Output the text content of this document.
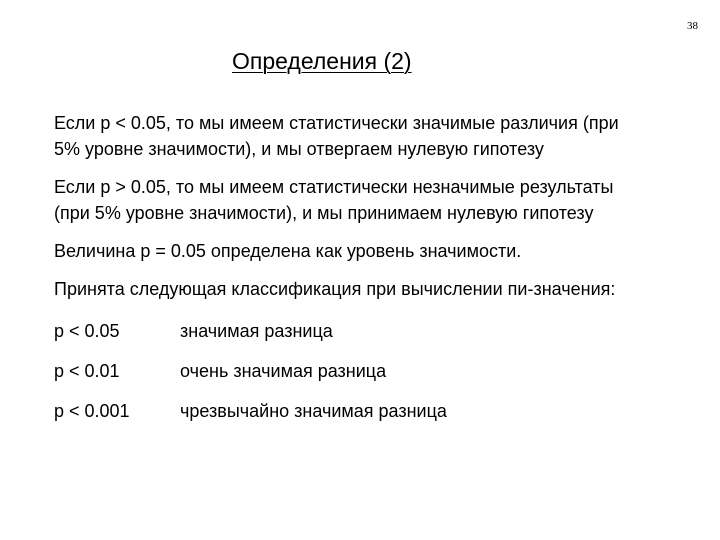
38
Определения (2)
Если p < 0.05, то мы имеем статистически значимые различия (при
5% уровне значимости), и мы отвергаем нулевую гипотезу
Если p > 0.05, то мы имеем статистически незначимые результаты
(при 5% уровне значимости), и мы принимаем нулевую гипотезу
Величина p = 0.05 определена как уровень значимости.
Принята следующая классификация при вычислении пи-значения:
p < 0.05	значимая разница
p < 0.01	очень значимая разница
p < 0.001	чрезвычайно значимая разница
